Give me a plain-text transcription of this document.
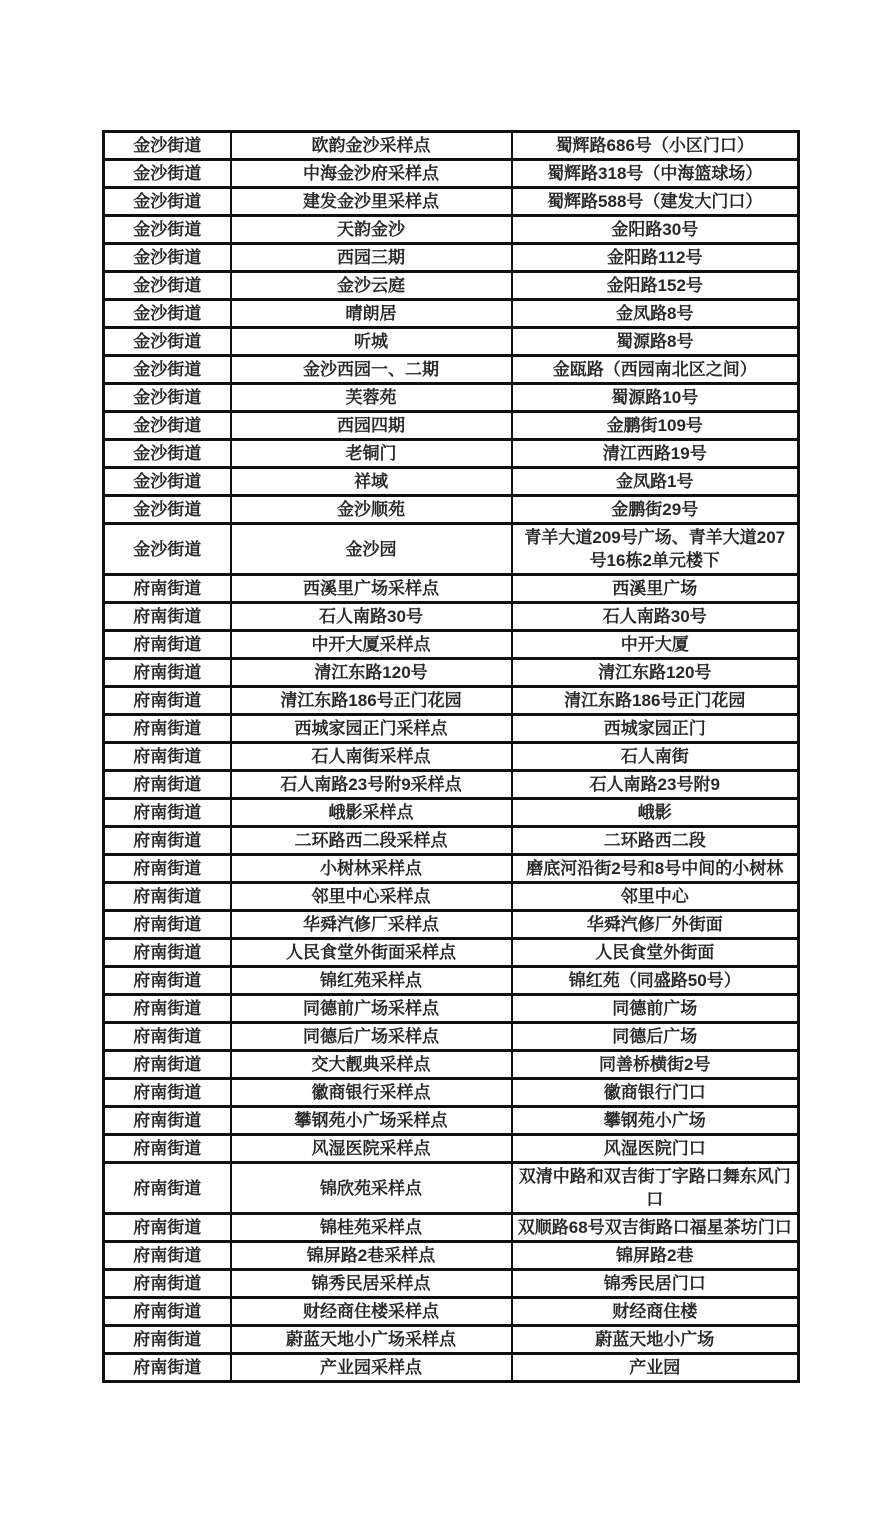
金沙街道	欧韵金沙采样点	蜀辉路686号（小区门口）
金沙街道	中海金沙府采样点	蜀辉路318号（中海篮球场）
金沙街道	建发金沙里采样点	蜀辉路588号（建发大门口）
金沙街道	天韵金沙	金阳路30号
金沙街道	西园三期	金阳路112号
金沙街道	金沙云庭	金阳路152号
金沙街道	晴朗居	金凤路8号
金沙街道	听城	蜀源路8号
金沙街道	金沙西园一、二期	金瓯路（西园南北区之间）
金沙街道	芙蓉苑	蜀源路10号
金沙街道	西园四期	金鹏街109号
金沙街道	老铜门	清江西路19号
金沙街道	祥域	金凤路1号
金沙街道	金沙顺苑	金鹏街29号
金沙街道	金沙园	青羊大道209号广场、青羊大道207号16栋2单元楼下
府南街道	西溪里广场采样点	西溪里广场
府南街道	石人南路30号	石人南路30号
府南街道	中开大厦采样点	中开大厦
府南街道	清江东路120号	清江东路120号
府南街道	清江东路186号正门花园	清江东路186号正门花园
府南街道	西城家园正门采样点	西城家园正门
府南街道	石人南街采样点	石人南街
府南街道	石人南路23号附9采样点	石人南路23号附9
府南街道	峨影采样点	峨影
府南街道	二环路西二段采样点	二环路西二段
府南街道	小树林采样点	磨底河沿街2号和8号中间的小树林
府南街道	邻里中心采样点	邻里中心
府南街道	华舜汽修厂采样点	华舜汽修厂外街面
府南街道	人民食堂外街面采样点	人民食堂外街面
府南街道	锦红苑采样点	锦红苑（同盛路50号）
府南街道	同德前广场采样点	同德前广场
府南街道	同德后广场采样点	同德后广场
府南街道	交大靓典采样点	同善桥横街2号
府南街道	徽商银行采样点	徽商银行门口
府南街道	攀钢苑小广场采样点	攀钢苑小广场
府南街道	风湿医院采样点	风湿医院门口
府南街道	锦欣苑采样点	双清中路和双吉街丁字路口舞东风门口
府南街道	锦桂苑采样点	双顺路68号双吉街路口福星茶坊门口
府南街道	锦屏路2巷采样点	锦屏路2巷
府南街道	锦秀民居采样点	锦秀民居门口
府南街道	财经商住楼采样点	财经商住楼
府南街道	蔚蓝天地小广场采样点	蔚蓝天地小广场
府南街道	产业园采样点	产业园
